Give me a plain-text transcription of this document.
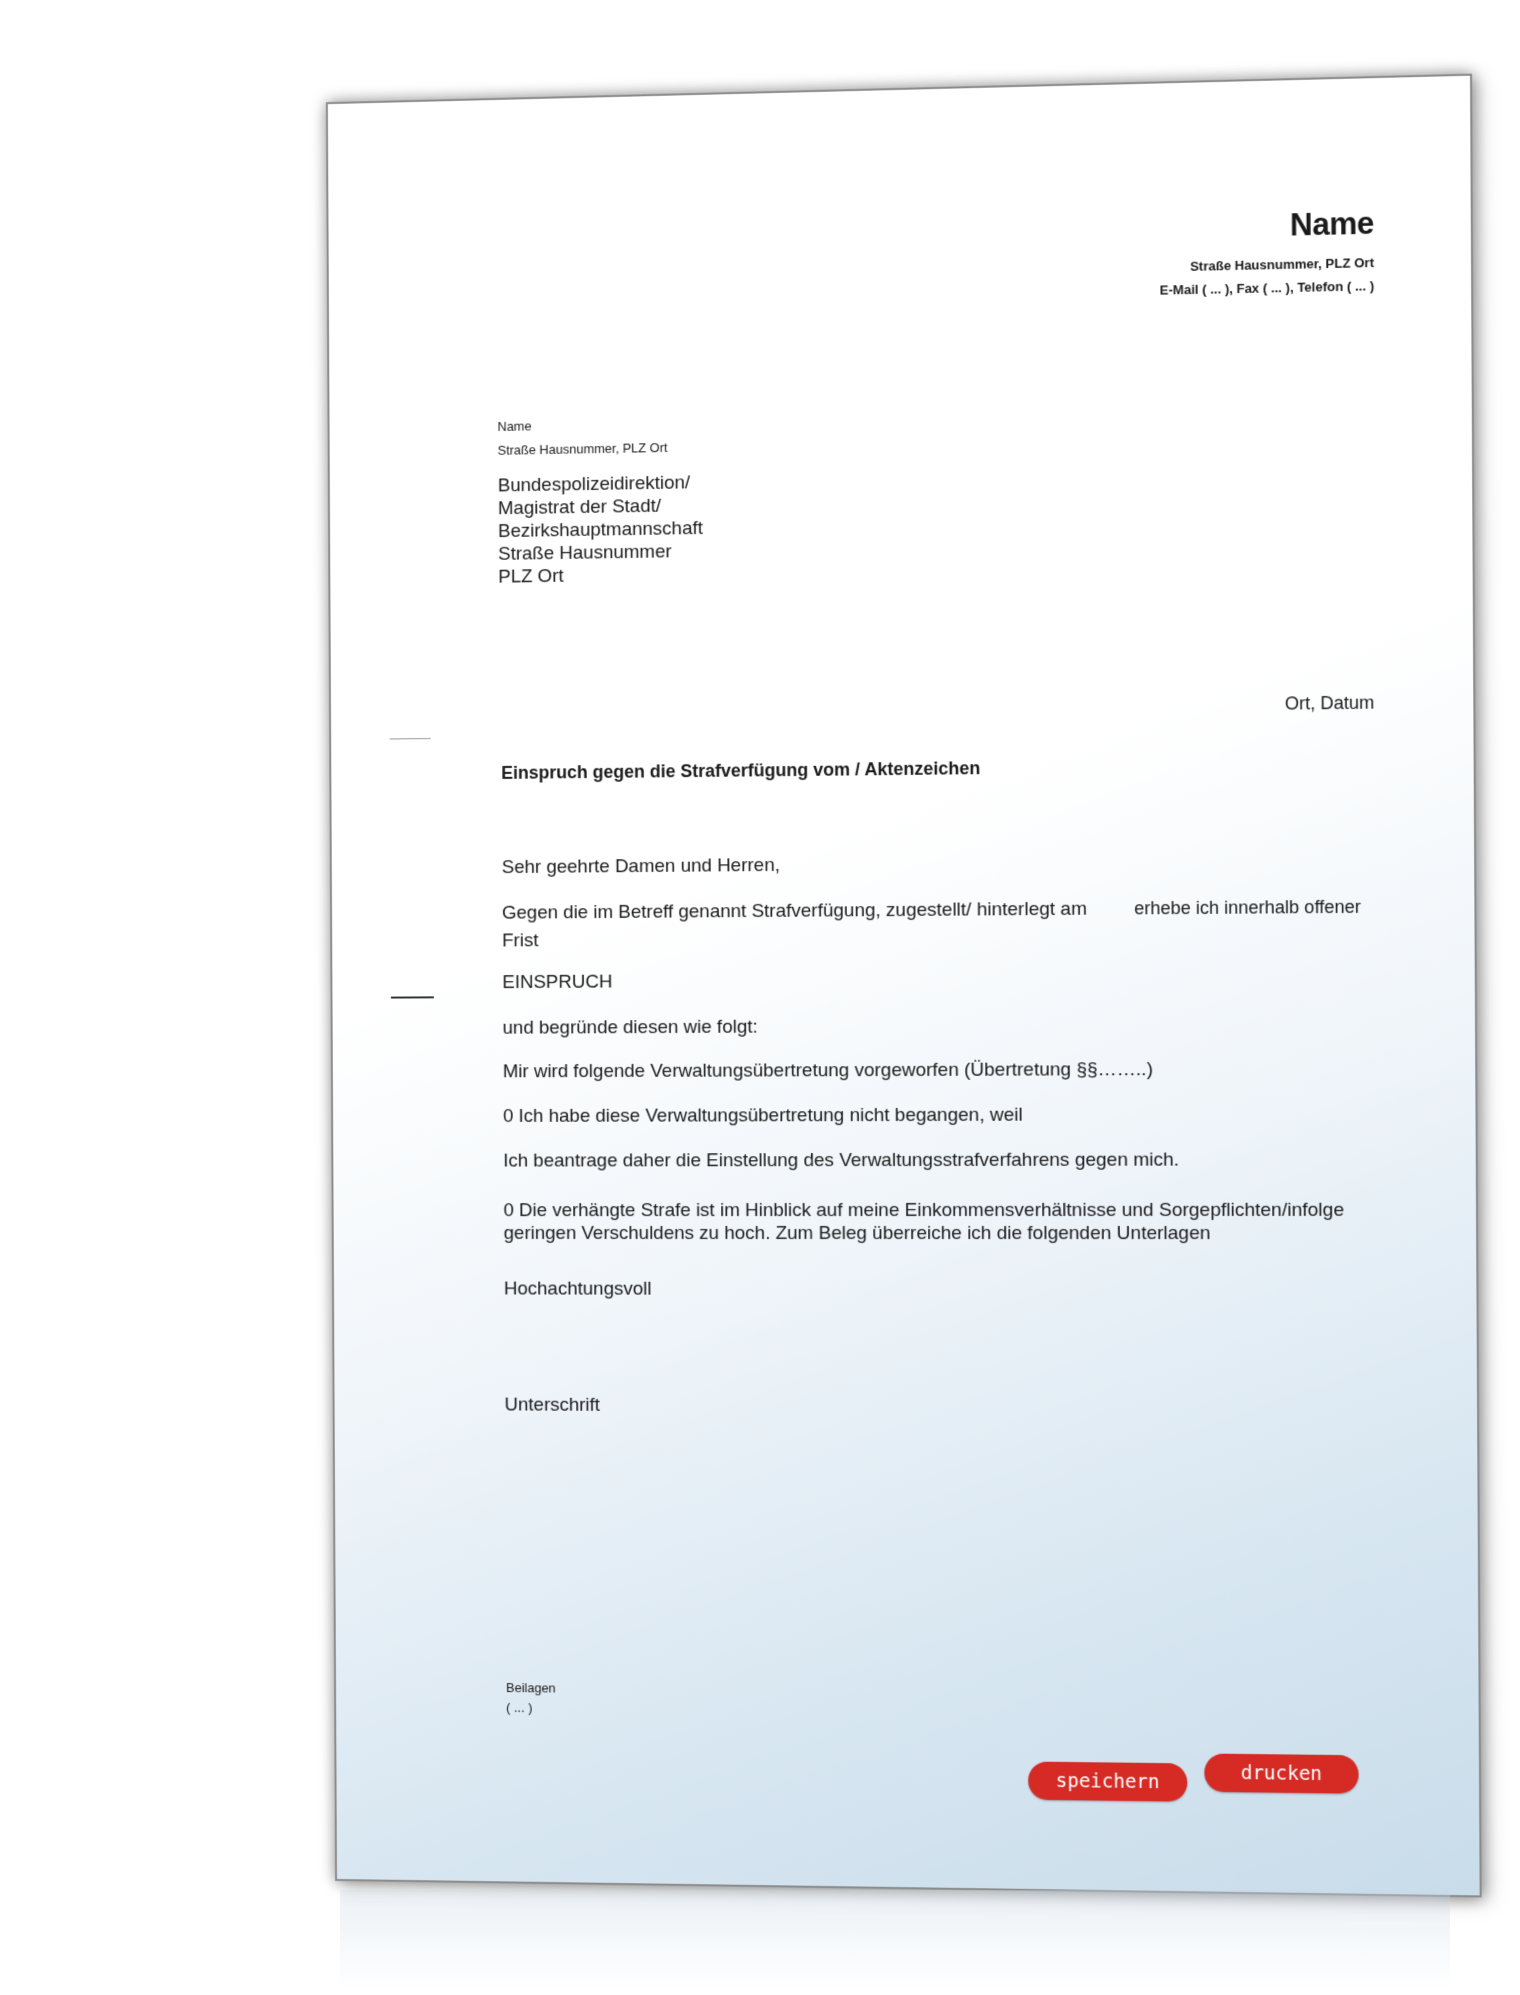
Name
Straße Hausnummer, PLZ Ort
E-Mail ( ... ), Fax ( ... ), Telefon ( ... )
Name
Straße Hausnummer, PLZ Ort
Bundespolizeidirektion/
Magistrat der Stadt/
Bezirkshauptmannschaft
Straße Hausnummer
PLZ Ort
Ort, Datum
Einspruch gegen die Strafverfügung vom / Aktenzeichen
Sehr geehrte Damen und Herren,
Gegen die im Betreff genannt Strafverfügung, zugestellt/ hinterlegt am	erhebe ich innerhalb offener
Frist
EINSPRUCH
und begründe diesen wie folgt:
Mir wird folgende Verwaltungsübertretung vorgeworfen (Übertretung §§……..)
0 Ich habe diese Verwaltungsübertretung nicht begangen, weil
Ich beantrage daher die Einstellung des Verwaltungsstrafverfahrens gegen mich.
0 Die verhängte Strafe ist im Hinblick auf meine Einkommensverhältnisse und Sorgepflichten/infolge
geringen Verschuldens zu hoch. Zum Beleg überreiche ich die folgenden Unterlagen
Hochachtungsvoll
Unterschrift
Beilagen
( ... )
speichern	drucken
